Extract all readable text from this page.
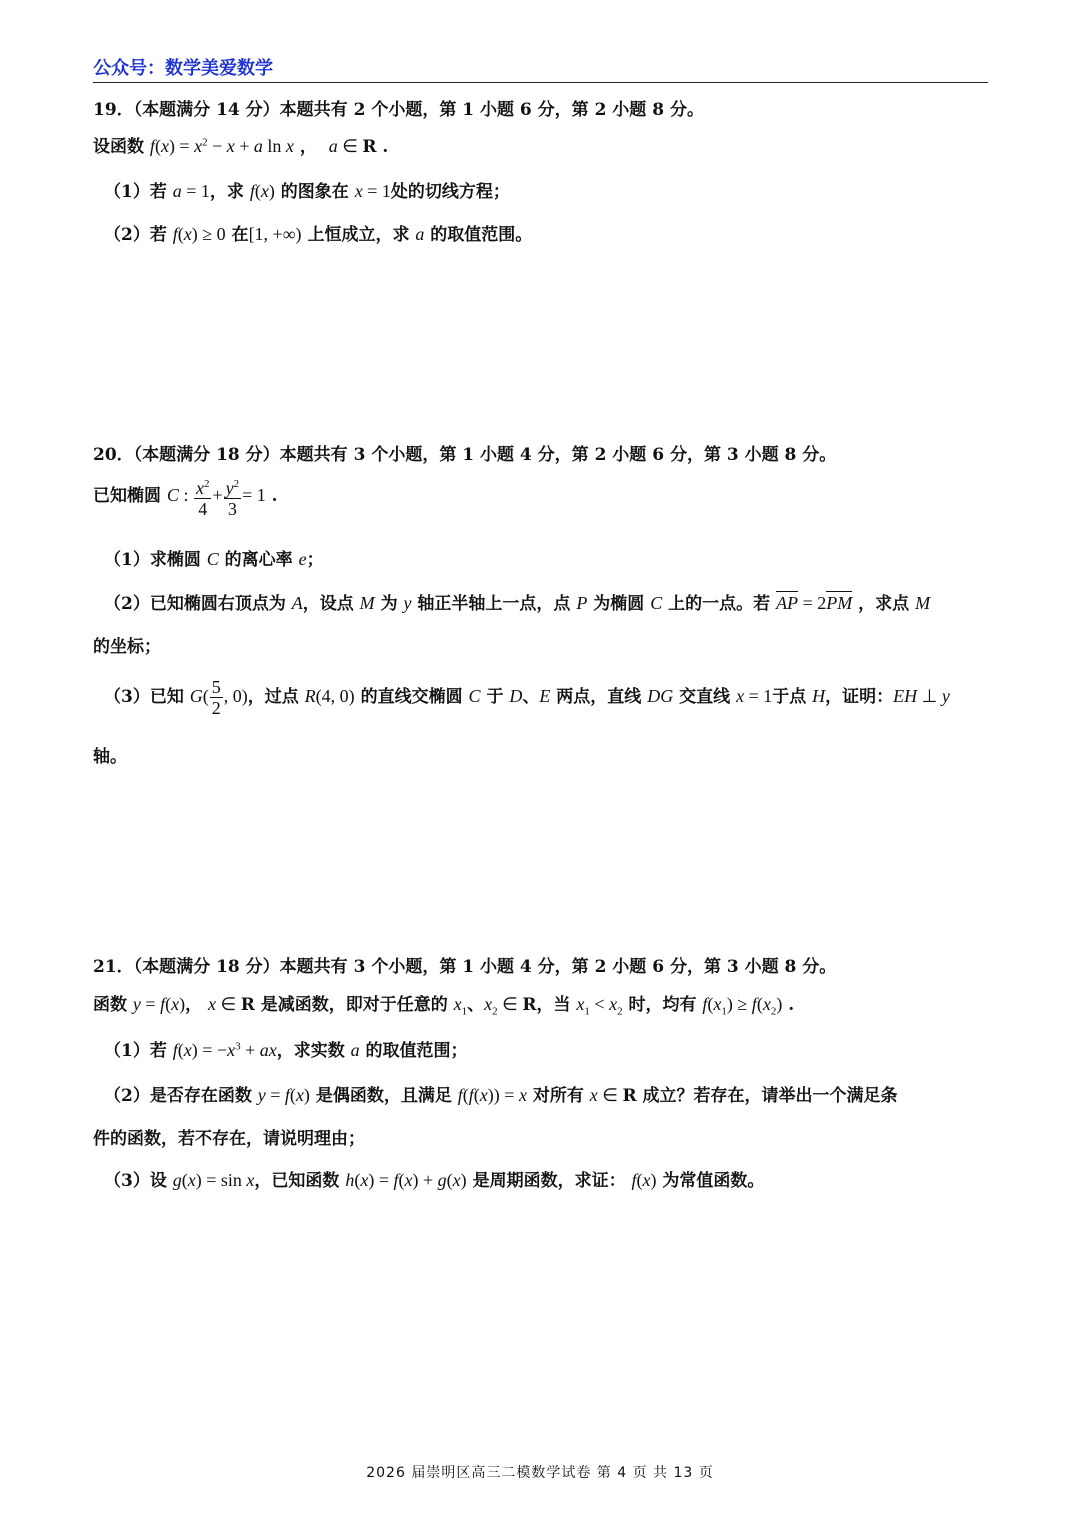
公众号：数学美爱数学
19．（本题满分 14 分）本题共有 2 个小题，第 1 小题 6 分，第 2 小题 8 分。
设函数 $f(x) = x^2 - x + a$ ln x ，  a ∈ R .
（1）若 a = 1，求 f(x) 的图象在 x = 1处的切线方程；
（2）若 f(x) ≥ 0 在[1, +∞) 上恒成立，求 a 的取值范围。
20．（本题满分 18 分）本题共有 3 个小题，第 1 小题 4 分，第 2 小题 6 分，第 3 小题 8 分。
已知椭圆 C : $\frac{x^2}{4} + \frac{y^2}{3} = 1$ .
（1）求椭圆 C 的离心率 e；
（2）已知椭圆右顶点为 A，设点 M 为 y 轴正半轴上一点，点 P 为椭圆 C 上的一点。若 AP = 2PM ，求点 M
的坐标；
（3）已知 $G( \frac{5}{2}$ , 0)，过点 R(4, 0) 的直线交椭圆 C 于 D、E 两点，直线 DG 交直线 x = 1于点 H，证明：EH ⊥ y
轴。
21．（本题满分 18 分）本题共有 3 个小题，第 1 小题 4 分，第 2 小题 6 分，第 3 小题 8 分。
函数 y = f(x)， x ∈ R 是减函数，即对于任意的 $x_1$、$x_2$ ∈ R，当 $x_1 < x_2$ 时，均有 $f(x_1) \ge f(x_2)$ .
（1）若 $f(x) = -x^3$ + ax，求实数 a 的取值范围；
（2）是否存在函数 y = f(x) 是偶函数，且满足 f(f(x)) = x 对所有 x ∈ R 成立？若存在，请举出一个满足条
件的函数，若不存在，请说明理由；
（3）设 g(x) = sin x，已知函数 h(x) = f(x) + g(x) 是周期函数，求证： f(x) 为常值函数。
2026 届崇明区高三二模数学试卷 第 4 页 共 13 页
